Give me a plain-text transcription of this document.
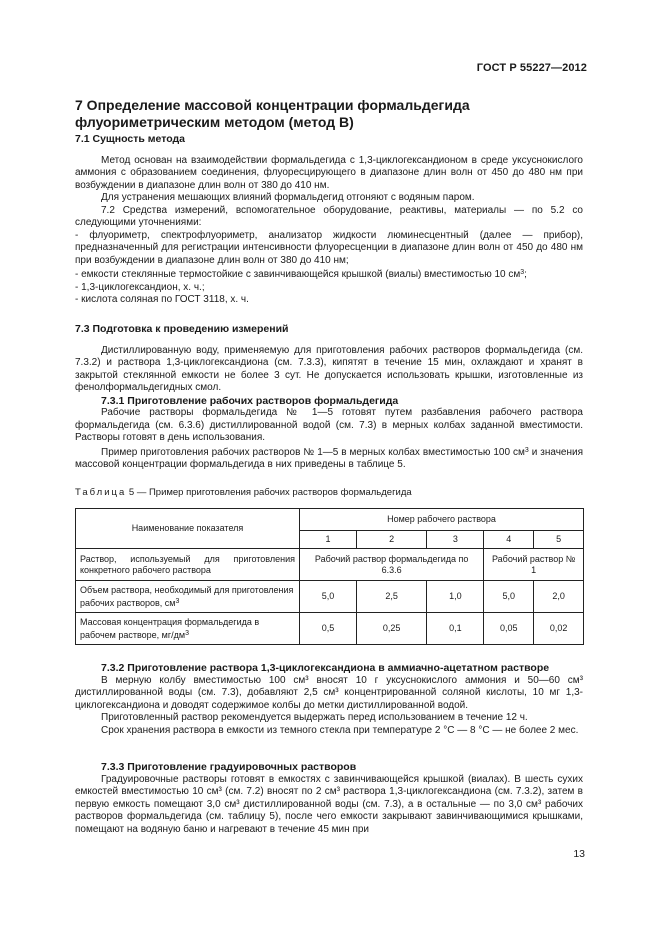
ГОСТ Р 55227—2012
7 Определение массовой концентрации формальдегида
флуориметрическим методом (метод В)

7.1 Сущность метода

Метод основан на взаимодействии формальдегида с 1,3-циклогександионом в среде уксуснокислого аммония с образованием соединения, флуоресцирующего в диапазоне длин волн от 450 до 480 нм при возбуждении в диапазоне длин волн от 380 до 410 нм.

Для устранения мешающих влияний формальдегид отгоняют с водяным паром.

7.2 Средства измерений, вспомогательное оборудование, реактивы, материалы — по 5.2 со следующими уточнениями:

- флуориметр, спектрофлуориметр, анализатор жидкости люминесцентный (далее — прибор), предназначенный для регистрации интенсивности флуоресценции в диапазоне длин волн от 450 до 480 нм при возбуждении в диапазоне длин волн от 380 до 410 нм;

- емкости стеклянные термостойкие с завинчивающейся крышкой (виалы) вместимостью 10 $см^3$;

- 1,3-циклогександион, х. ч.;

- кислота соляная по ГОСТ 3118, х. ч.

7.3 Подготовка к проведению измерений

Дистиллированную воду, применяемую для приготовления рабочих растворов формальдегида (см. 7.3.2) и раствора 1,3-циклогександиона (см. 7.3.3), кипятят в течение 15 мин, охлаждают и хранят в закрытой стеклянной емкости не более 3 сут. Не допускается использовать крышки, изготовленные из фенолформальдегидных смол.

7.3.1 Приготовление рабочих растворов формальдегида

Рабочие растворы формальдегида № 1—5 готовят путем разбавления рабочего раствора формальдегида (см. 6.3.6) дистиллированной водой (см. 7.3) в мерных колбах заданной вместимости. Растворы готовят в день использования.

Пример приготовления рабочих растворов № 1—5 в мерных колбах вместимостью 100 $см^3$ и значения массовой концентрации формальдегида в них приведены в таблице 5.

Таблица 5 — Пример приготовления рабочих растворов формальдегида
Наименование показателя	Номер рабочего раствора				
	1	2	3	4	5
Раствор, используемый для приготовления конкретного рабочего раствора	Рабочий раствор формальдегида по 6.3.6			Рабочий раствор № 1	
Объем раствора, необходимый для приготовления рабочих растворов, $см^3$	5,0	2,5	1,0	5,0	2,0
Массовая концентрация формальдегида в рабочем растворе, $мг/дм^3$	0,5	0,25	0,1	0,05	0,02

7.3.2 Приготовление раствора 1,3-циклогександиона в аммиачно-ацетатном растворе

В мерную колбу вместимостью 100 см³ вносят 10 г уксуснокислого аммония и 50—60 см³ дистиллированной воды (см. 7.3), добавляют 2,5 см³ концентрированной соляной кислоты, 10 мг 1,3-циклогександиона и доводят содержимое колбы до метки дистиллированной водой.

Приготовленный раствор рекомендуется выдержать перед использованием в течение 12 ч.

Срок хранения раствора в емкости из темного стекла при температуре 2 °С — 8 °С — не более 2 мес.

7.3.3 Приготовление градуировочных растворов

Градуировочные растворы готовят в емкостях с завинчивающейся крышкой (виалах). В шесть сухих емкостей вместимостью 10 см³ (см. 7.2) вносят по 2 см³ раствора 1,3-циклогександиона (см. 7.3.2), затем в первую емкость помещают 3,0 см³ дистиллированной воды (см. 7.3), а в остальные — по 3,0 см³ рабочих растворов формальдегида (см. таблицу 5), после чего емкости закрывают завинчивающимися крышками, помещают на водяную баню и нагревают в течение 45 мин при

13
